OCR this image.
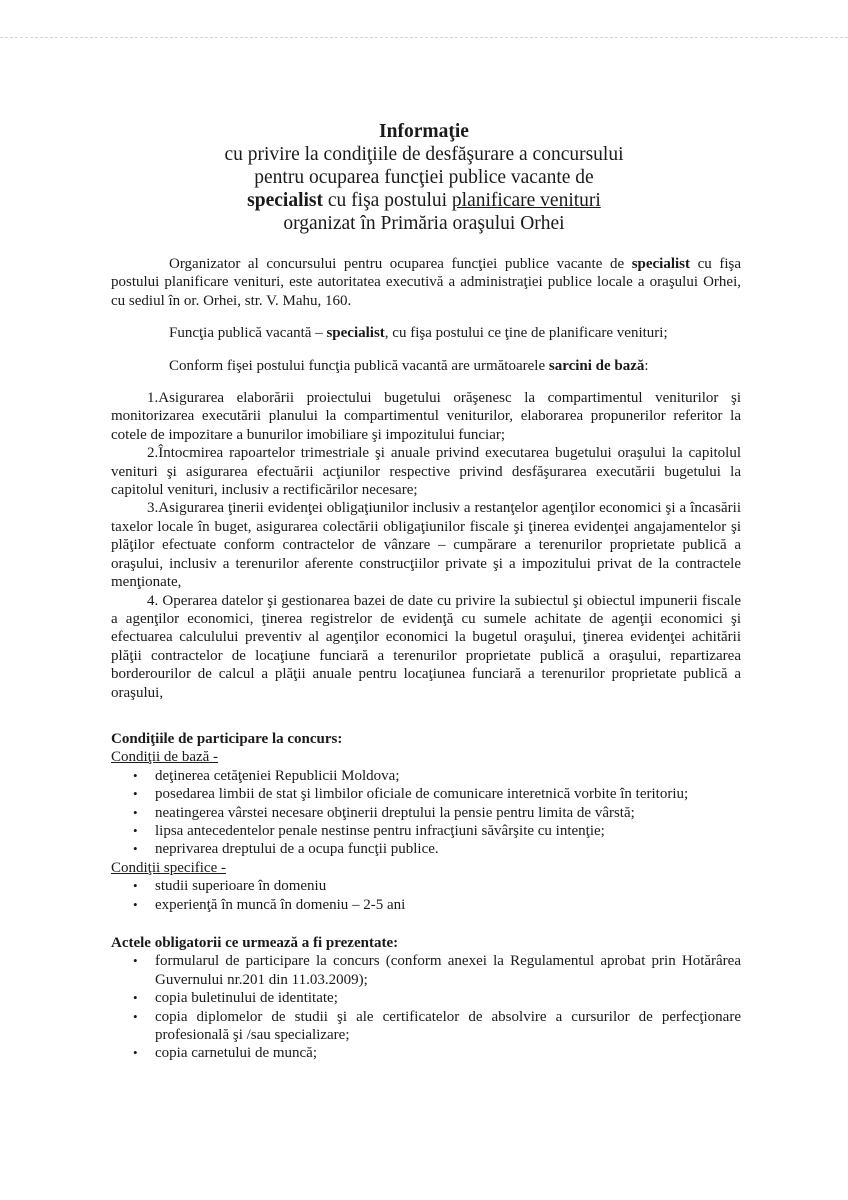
Informaţie
cu privire la condiţiile de desfăşurare a concursului
pentru ocuparea funcţiei publice vacante de
specialist cu fişa postului planificare venituri
organizat în Primăria oraşului Orhei

Organizator al concursului pentru ocuparea funcţiei publice vacante de specialist cu fişa postului planificare venituri, este autoritatea executivă a administraţiei publice locale a oraşului Orhei, cu sediul în or. Orhei, str. V. Mahu, 160.

Funcţia publică vacantă – specialist, cu fişa postului ce ţine de planificare venituri;

Conform fişei postului funcţia publică vacantă are următoarele sarcini de bază:

1.Asigurarea elaborării proiectului bugetului orăşenesc la compartimentul veniturilor şi monitorizarea executării planului la compartimentul veniturilor, elaborarea propunerilor referitor la cotele de impozitare a bunurilor imobiliare şi impozitului funciar;

2.Întocmirea rapoartelor trimestriale şi anuale privind executarea bugetului oraşului la capitolul venituri şi asigurarea efectuării acţiunilor respective privind desfăşurarea executării bugetului la capitolul venituri, inclusiv a rectificărilor necesare;

3.Asigurarea ţinerii evidenţei obligaţiunilor inclusiv a restanţelor agenţilor economici şi a încasării taxelor locale în buget, asigurarea colectării obligaţiunilor fiscale şi ţinerea evidenţei angajamentelor şi plăţilor efectuate conform contractelor de vânzare – cumpărare a terenurilor proprietate publică a oraşului, inclusiv a terenurilor aferente construcţiilor private şi a impozitului privat de la contractele menţionate,

4. Operarea datelor şi gestionarea bazei de date cu privire la subiectul şi obiectul impunerii fiscale a agenţilor economici, ţinerea registrelor de evidenţă cu sumele achitate de agenţii economici şi efectuarea calculului preventiv al agenţilor economici la bugetul oraşului, ţinerea evidenţei achitării plăţii contractelor de locaţiune funciară a terenurilor proprietate publică a oraşului, repartizarea borderourilor de calcul a plăţii anuale pentru locaţiunea funciară a terenurilor proprietate publică a oraşului,

Condiţiile de participare la concurs:

Condiţii de bază -

• deţinerea cetăţeniei Republicii Moldova;
• posedarea limbii de stat şi limbilor oficiale de comunicare interetnică vorbite în teritoriu;
• neatingerea vârstei necesare obţinerii dreptului la pensie pentru limita de vârstă;
• lipsa antecedentelor penale nestinse pentru infracţiuni săvârşite cu intenţie;
• neprivarea dreptului de a ocupa funcţii publice.

Condiţii specifice -

• studii superioare în domeniu
• experienţă în muncă în domeniu – 2-5 ani

Actele obligatorii ce urmează a fi prezentate:

• formularul de participare la concurs (conform anexei la Regulamentul aprobat prin Hotărârea Guvernului nr.201 din 11.03.2009);
• copia buletinului de identitate;
• copia diplomelor de studii şi ale certificatelor de absolvire a cursurilor de perfecţionare profesională şi /sau specializare;
• copia carnetului de muncă;
